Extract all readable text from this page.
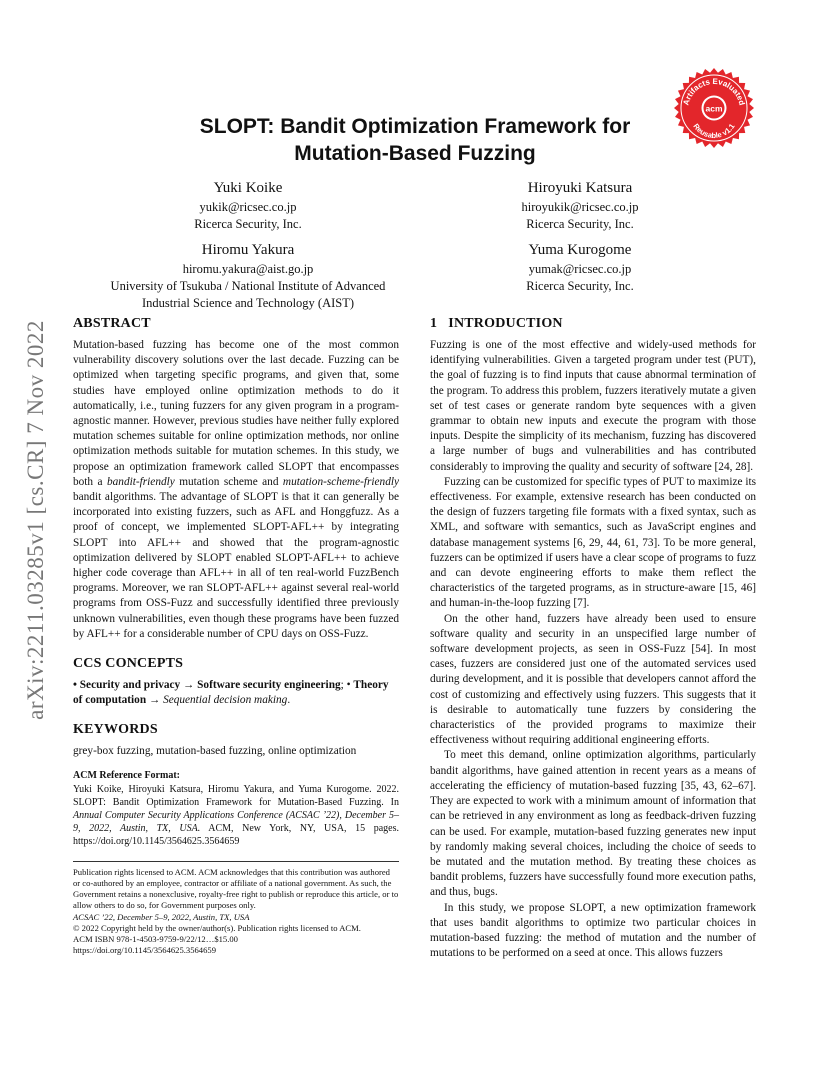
arXiv:2211.03285v1 [cs.CR] 7 Nov 2022
acm
Artifacts Evaluated
Reusable v1.1
SLOPT: Bandit Optimization Framework for
Mutation-Based Fuzzing
Yuki Koike
yukik@ricsec.co.jp
Ricerca Security, Inc.
Hiroyuki Katsura
hiroyukik@ricsec.co.jp
Ricerca Security, Inc.
Hiromu Yakura
hiromu.yakura@aist.go.jp
University of Tsukuba / National Institute of Advanced
Industrial Science and Technology (AIST)
Yuma Kurogome
yumak@ricsec.co.jp
Ricerca Security, Inc.
ABSTRACT

Mutation-based fuzzing has become one of the most common vulnerability discovery solutions over the last decade. Fuzzing can be optimized when targeting specific programs, and given that, some studies have employed online optimization methods to do it automatically, i.e., tuning fuzzers for any given program in a program-agnostic manner. However, previous studies have neither fully explored mutation schemes suitable for online optimization methods, nor online optimization methods suitable for mutation schemes. In this study, we propose an optimization framework called SLOPT that encompasses both a bandit-friendly mutation scheme and mutation-scheme-friendly bandit algorithms. The advantage of SLOPT is that it can generally be incorporated into existing fuzzers, such as AFL and Honggfuzz. As a proof of concept, we implemented SLOPT-AFL++ by integrating SLOPT into AFL++ and showed that the program-agnostic optimization delivered by SLOPT enabled SLOPT-AFL++ to achieve higher code coverage than AFL++ in all of ten real-world FuzzBench programs. Moreover, we ran SLOPT-AFL++ against several real-world programs from OSS-Fuzz and successfully identified three previously unknown vulnerabilities, even though these programs have been fuzzed by AFL++ for a considerable number of CPU days on OSS-Fuzz.

CCS CONCEPTS
• Security and privacy → Software security engineering; • Theory of computation → Sequential decision making.
KEYWORDS

grey-box fuzzing, mutation-based fuzzing, online optimization

ACM Reference Format:
Yuki Koike, Hiroyuki Katsura, Hiromu Yakura, and Yuma Kurogome. 2022. SLOPT: Bandit Optimization Framework for Mutation-Based Fuzzing. In Annual Computer Security Applications Conference (ACSAC ’22), December 5–9, 2022, Austin, TX, USA. ACM, New York, NY, USA, 15 pages. https://doi.org/10.1145/3564625.3564659
Publication rights licensed to ACM. ACM acknowledges that this contribution was authored or co-authored by an employee, contractor or affiliate of a national government. As such, the Government retains a nonexclusive, royalty-free right to publish or reproduce this article, or to allow others to do so, for Government purposes only.
ACSAC ’22, December 5–9, 2022, Austin, TX, USA
© 2022 Copyright held by the owner/author(s). Publication rights licensed to ACM.
ACM ISBN 978-1-4503-9759-9/22/12…$15.00
https://doi.org/10.1145/3564625.3564659
1   INTRODUCTION

Fuzzing is one of the most effective and widely-used methods for identifying vulnerabilities. Given a targeted program under test (PUT), the goal of fuzzing is to find inputs that cause abnormal termination of the program. To address this problem, fuzzers iteratively mutate a given set of test cases or generate random byte sequences with a given grammar to obtain new inputs and execute the program with those inputs. Despite the simplicity of its mechanism, fuzzing has discovered a large number of bugs and vulnerabilities and has contributed considerably to improving the quality and security of software [24, 28].

Fuzzing can be customized for specific types of PUT to maximize its effectiveness. For example, extensive research has been conducted on the design of fuzzers targeting file formats with a fixed syntax, such as XML, and software with semantics, such as JavaScript engines and database management systems [6, 29, 44, 61, 73]. To be more general, fuzzers can be optimized if users have a clear scope of programs to fuzz and can devote engineering efforts to make them reflect the characteristics of the targeted programs, as in structure-aware [15, 46] and human-in-the-loop fuzzing [7].

On the other hand, fuzzers have already been used to ensure software quality and security in an unspecified large number of software development projects, as seen in OSS-Fuzz [54]. In most cases, fuzzers are considered just one of the automated services used during development, and it is possible that developers cannot afford the cost of customizing and effectively using fuzzers. This suggests that it is desirable to automatically tune fuzzers by considering the characteristics of the provided programs to maximize their effectiveness without requiring additional engineering efforts.

To meet this demand, online optimization algorithms, particularly bandit algorithms, have gained attention in recent years as a means of accelerating the efficiency of mutation-based fuzzing [35, 43, 62–67]. They are expected to work with a minimum amount of information that can be retrieved in any environment as long as feedback-driven fuzzing can be used. For example, mutation-based fuzzing generates new input by randomly making several choices, including the choice of seeds to be mutated and the mutation method. By treating these choices as bandit problems, fuzzers have successfully found more execution paths, and thus, bugs.

In this study, we propose SLOPT, a new optimization framework that uses bandit algorithms to optimize two particular choices in mutation-based fuzzing: the method of mutation and the number of mutations to be performed on a seed at once. This allows fuzzers
